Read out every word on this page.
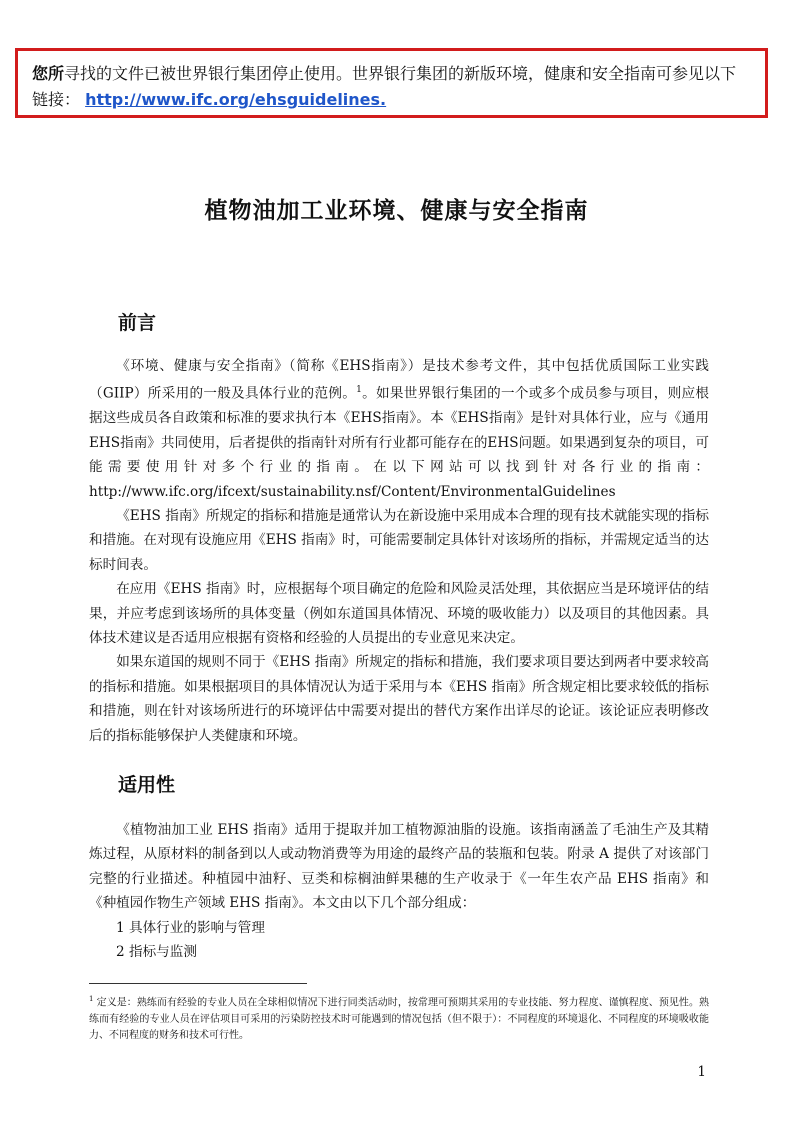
您所寻找的文件已被世界银行集团停止使用。世界银行集团的新版环境，健康和安全指南可参见以下链接： http://www.ifc.org/ehsguidelines.
植物油加工业环境、健康与安全指南
前言

《环境、健康与安全指南》（简称《EHS指南》）是技术参考文件，其中包括优质国际工业实践（GIIP）所采用的一般及具体行业的范例。$^1$。如果世界银行集团的一个或多个成员参与项目，则应根据这些成员各自政策和标准的要求执行本《EHS指南》。本《EHS指南》是针对具体行业，应与《通用EHS指南》共同使用，后者提供的指南针对所有行业都可能存在的EHS问题。如果遇到复杂的项目，可能需要使用针对多个行业的指南。在以下网站可以找到针对各行业的指南：http://www.ifc.org/ifcext/sustainability.nsf/Content/EnvironmentalGuidelines

《EHS 指南》所规定的指标和措施是通常认为在新设施中采用成本合理的现有技术就能实现的指标和措施。在对现有设施应用《EHS 指南》时，可能需要制定具体针对该场所的指标，并需规定适当的达标时间表。

在应用《EHS 指南》时，应根据每个项目确定的危险和风险灵活处理，其依据应当是环境评估的结果，并应考虑到该场所的具体变量（例如东道国具体情况、环境的吸收能力）以及项目的其他因素。具体技术建议是否适用应根据有资格和经验的人员提出的专业意见来决定。

如果东道国的规则不同于《EHS 指南》所规定的指标和措施，我们要求项目要达到两者中要求较高的指标和措施。如果根据项目的具体情况认为适于采用与本《EHS 指南》所含规定相比要求较低的指标和措施，则在针对该场所进行的环境评估中需要对提出的替代方案作出详尽的论证。该论证应表明修改后的指标能够保护人类健康和环境。

适用性

《植物油加工业 EHS 指南》适用于提取并加工植物源油脂的设施。该指南涵盖了毛油生产及其精炼过程，从原材料的制备到以人或动物消费等为用途的最终产品的装瓶和包装。附录 A 提供了对该部门完整的行业描述。种植园中油籽、豆类和棕榈油鲜果穗的生产收录于《一年生农产品 EHS 指南》和《种植园作物生产领域 EHS 指南》。本文由以下几个部分组成：

1 具体行业的影响与管理
2 指标与监测
$^1$ 定义是：熟练而有经验的专业人员在全球相似情况下进行同类活动时，按常理可预期其采用的专业技能、努力程度、谨慎程度、预见性。熟练而有经验的专业人员在评估项目可采用的污染防控技术时可能遇到的情况包括（但不限于）：不同程度的环境退化、不同程度的环境吸收能力、不同程度的财务和技术可行性。
1
